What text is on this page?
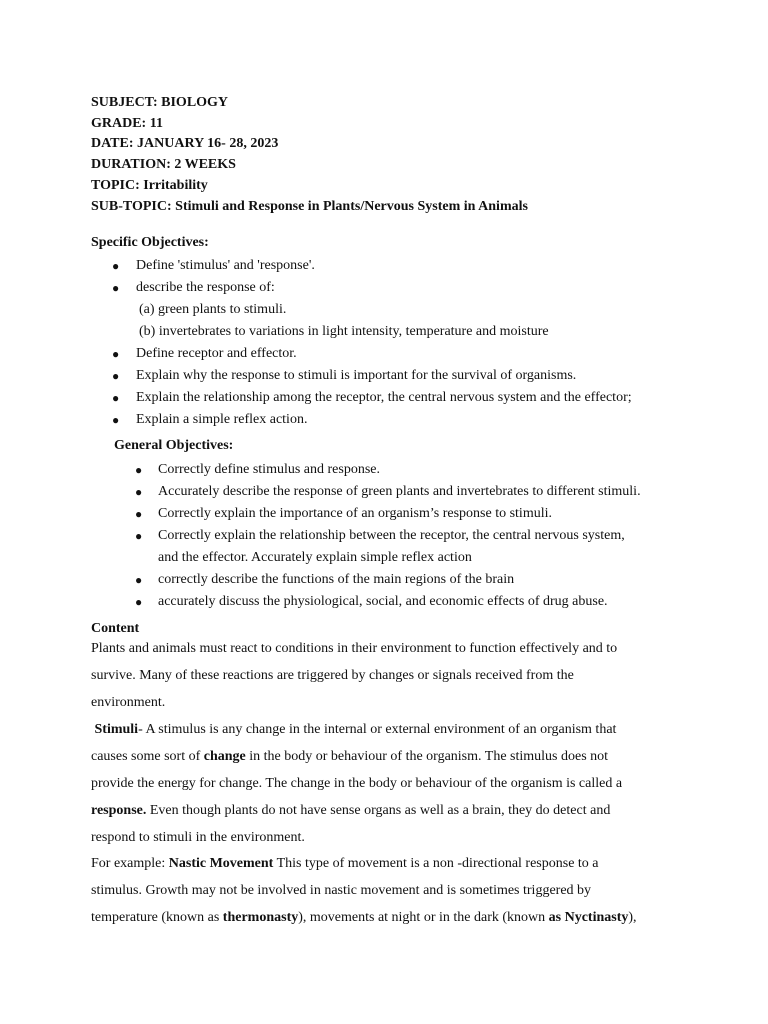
SUBJECT: BIOLOGY
GRADE: 11
DATE: JANUARY 16- 28, 2023
DURATION: 2 WEEKS
TOPIC: Irritability
SUB-TOPIC: Stimuli and Response in Plants/Nervous System in Animals
Specific Objectives:
● Define 'stimulus' and 'response'.
● describe the response of:
(a) green plants to stimuli.
(b) invertebrates to variations in light intensity, temperature and moisture
● Define receptor and effector.
● Explain why the response to stimuli is important for the survival of organisms.
● Explain the relationship among the receptor, the central nervous system and the effector;
● Explain a simple reflex action.
General Objectives:
● Correctly define stimulus and response.
● Accurately describe the response of green plants and invertebrates to different stimuli.
● Correctly explain the importance of an organism’s response to stimuli.
● Correctly explain the relationship between the receptor, the central nervous system,
and the effector. Accurately explain simple reflex action
● correctly describe the functions of the main regions of the brain
● accurately discuss the physiological, social, and economic effects of drug abuse.
Content
Plants and animals must react to conditions in their environment to function effectively and to
survive. Many of these reactions are triggered by changes or signals received from the
environment.
Stimuli- A stimulus is any change in the internal or external environment of an organism that
causes some sort of change in the body or behaviour of the organism. The stimulus does not
provide the energy for change. The change in the body or behaviour of the organism is called a
response. Even though plants do not have sense organs as well as a brain, they do detect and
respond to stimuli in the environment.
For example: Nastic Movement This type of movement is a non -directional response to a
stimulus. Growth may not be involved in nastic movement and is sometimes triggered by
temperature (known as thermonasty), movements at night or in the dark (known as Nyctinasty),
